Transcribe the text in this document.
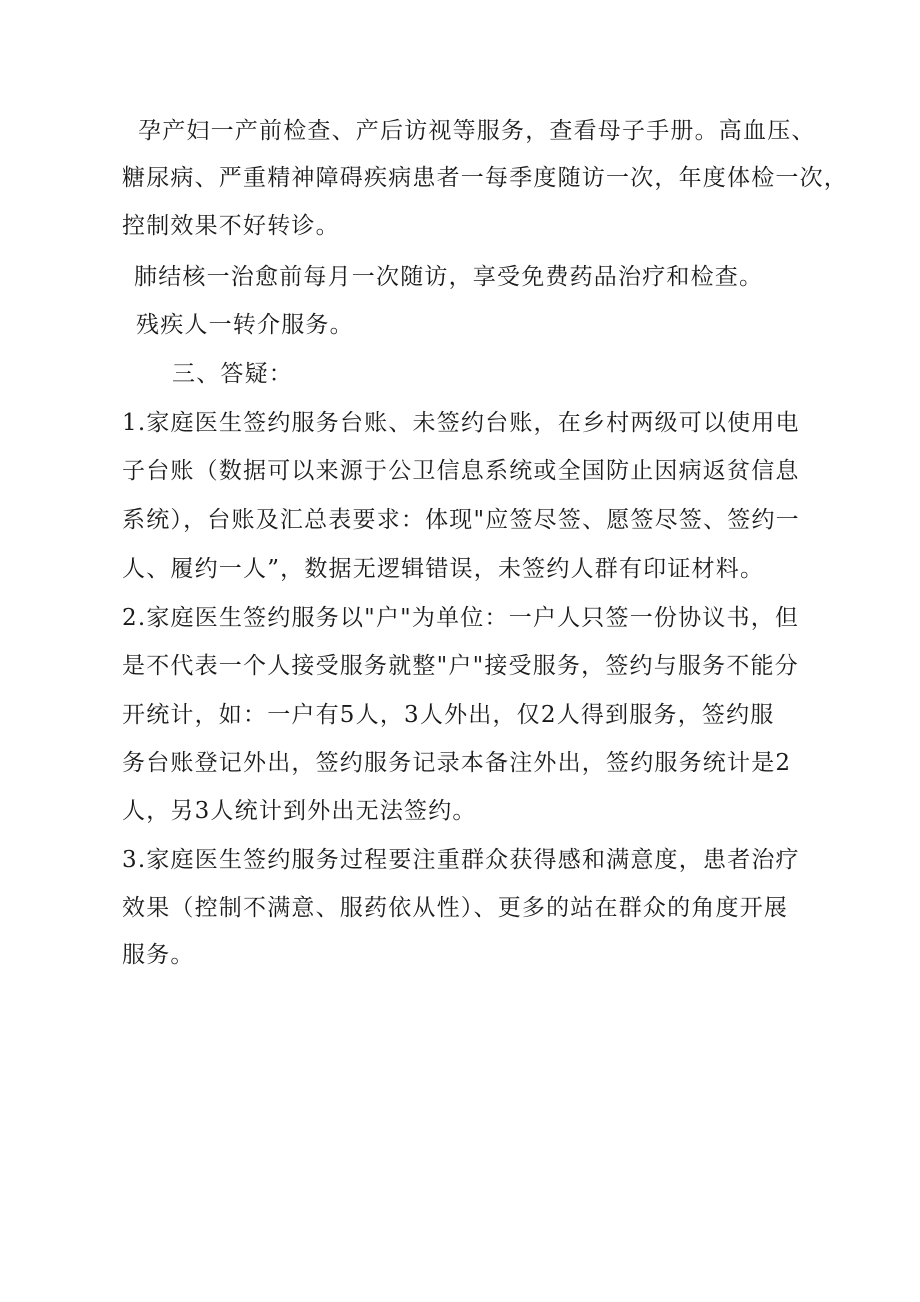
孕产妇一产前检查、产后访视等服务，查看母子手册。高血压、
糖尿病、严重精神障碍疾病患者一每季度随访一次，年度体检一次，
控制效果不好转诊。
肺结核一治愈前每月一次随访，享受免费药品治疗和检查。
残疾人一转介服务。
三、答疑：
1.家庭医生签约服务台账、未签约台账，在乡村两级可以使用电
子台账（数据可以来源于公卫信息系统或全国防止因病返贫信息
系统），台账及汇总表要求：体现"应签尽签、愿签尽签、签约一
人、履约一人”，数据无逻辑错误，未签约人群有印证材料。
2.家庭医生签约服务以"户"为单位：一户人只签一份协议书，但
是不代表一个人接受服务就整"户"接受服务，签约与服务不能分
开统计，如：一户有5人，3人外出，仅2人得到服务，签约服
务台账登记外出，签约服务记录本备注外出，签约服务统计是2
人，另3人统计到外出无法签约。
3.家庭医生签约服务过程要注重群众获得感和满意度，患者治疗
效果（控制不满意、服药依从性）、更多的站在群众的角度开展
服务。
